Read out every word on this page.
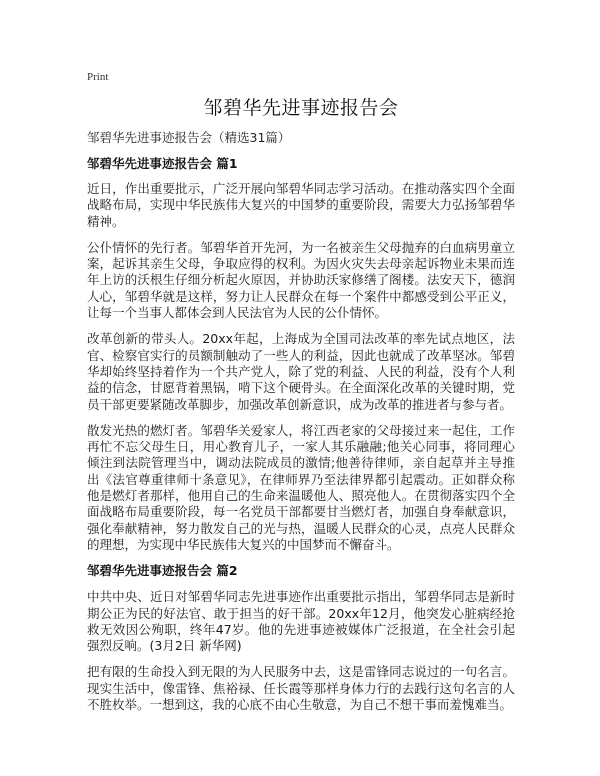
Print
邹碧华先进事迹报告会
邹碧华先进事迹报告会（精选31篇）
邹碧华先进事迹报告会 篇1

近日，作出重要批示，广泛开展向邹碧华同志学习活动。在推动落实四个全面战略布局，实现中华民族伟大复兴的中国梦的重要阶段，需要大力弘扬邹碧华精神。

公仆情怀的先行者。邹碧华首开先河，为一名被亲生父母抛弃的白血病男童立案，起诉其亲生父母，争取应得的权利。为因火灾失去母亲起诉物业未果而连年上访的沃根生仔细分析起火原因，并协助沃家修缮了阁楼。法安天下，德润人心，邹碧华就是这样，努力让人民群众在每一个案件中都感受到公平正义，让每一个当事人都体会到人民法官为人民的公仆情怀。

改革创新的带头人。20xx年起，上海成为全国司法改革的率先试点地区，法官、检察官实行的员额制触动了一些人的利益，因此也就成了改革坚冰。邹碧华却始终坚持着作为一个共产党人，除了党的利益、人民的利益，没有个人利益的信念，甘愿背着黑锅，啃下这个硬骨头。在全面深化改革的关键时期，党员干部更要紧随改革脚步，加强改革创新意识，成为改革的推进者与参与者。

散发光热的燃灯者。邹碧华关爱家人，将江西老家的父母接过来一起住，工作再忙不忘父母生日，用心教育儿子，一家人其乐融融;他关心同事，将同理心倾注到法院管理当中，调动法院成员的激情;他善待律师，亲自起草并主导推出《法官尊重律师十条意见》，在律师界乃至法律界都引起震动。正如群众称他是燃灯者那样，他用自己的生命来温暖他人、照亮他人。在贯彻落实四个全面战略布局重要阶段，每一名党员干部都要甘当燃灯者，加强自身奉献意识，强化奉献精神，努力散发自己的光与热，温暖人民群众的心灵，点亮人民群众的理想，为实现中华民族伟大复兴的中国梦而不懈奋斗。

邹碧华先进事迹报告会 篇2

中共中央、近日对邹碧华同志先进事迹作出重要批示指出，邹碧华同志是新时期公正为民的好法官、敢于担当的好干部。20xx年12月，他突发心脏病经抢救无效因公殉职，终年47岁。他的先进事迹被媒体广泛报道，在全社会引起强烈反响。(3月2日 新华网)

把有限的生命投入到无限的为人民服务中去，这是雷锋同志说过的一句名言。现实生活中，像雷锋、焦裕禄、任长霞等那样身体力行的去践行这句名言的人不胜枚举。一想到这，我的心底不由心生敬意，为自己不想干事而羞愧难当。
